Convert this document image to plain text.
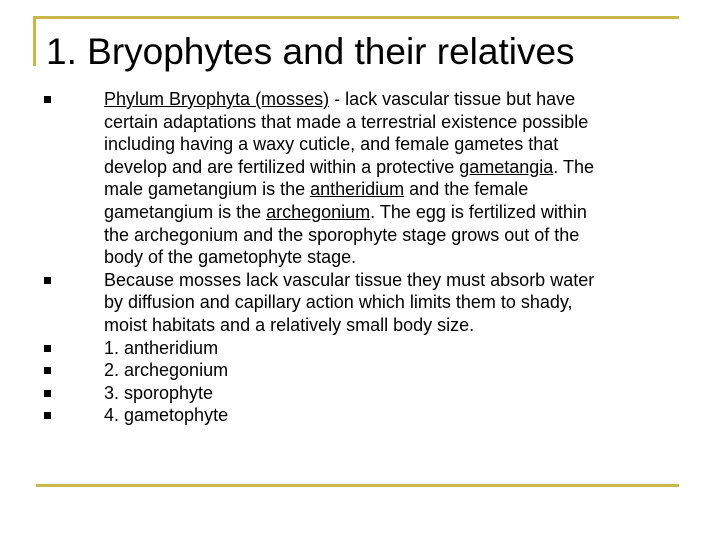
1. Bryophytes and their relatives
Phylum Bryophyta (mosses) - lack vascular tissue but have
certain adaptations that made a terrestrial existence possible
including having a waxy cuticle, and female gametes that
develop and are fertilized within a protective gametangia. The
male gametangium is the antheridium and the female
gametangium is the archegonium. The egg is fertilized within
the archegonium and the sporophyte stage grows out of the
body of the gametophyte stage.
Because mosses lack vascular tissue they must absorb water
by diffusion and capillary action which limits them to shady,
moist habitats and a relatively small body size.
1. antheridium
2. archegonium
3. sporophyte
4. gametophyte
